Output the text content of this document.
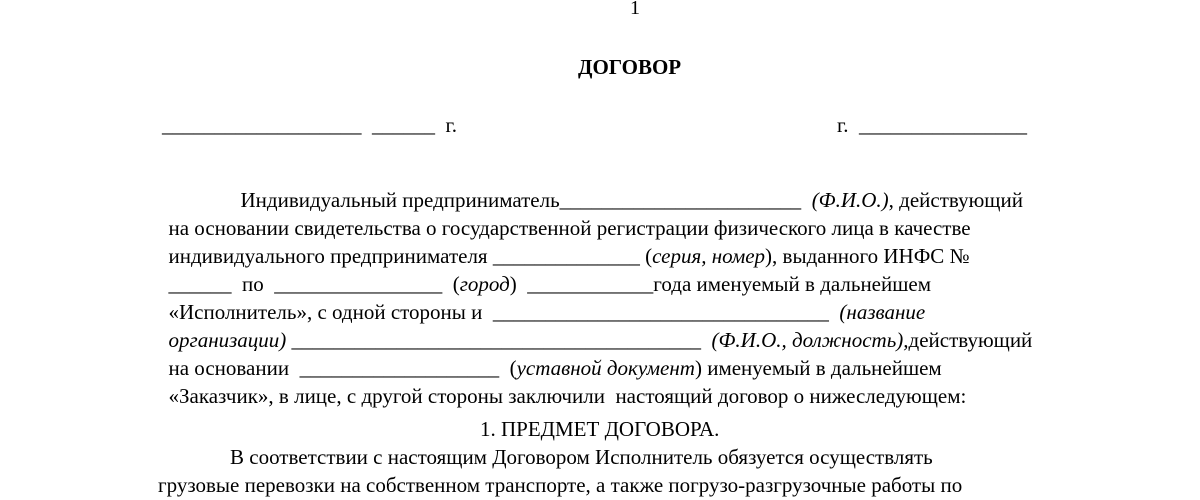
1
ДОГОВОР
___________________  ______  г.	г.  ________________

Индивидуальный предприниматель_______________________  (Ф.И.О.), действующий

на основании свидетельства о государственной регистрации физического лица в качестве

индивидуального предпринимателя ______________ (серия, номер), выданного ИНФС №

______  по  ________________  (город)  ____________года именуемый в дальнейшем

«Исполнитель», с одной стороны и  ________________________________  (название

организации) _______________________________________  (Ф.И.О., должность),действующий

на основании  ___________________  (уставной документ) именуемый в дальнейшем

«Заказчик», в лице, с другой стороны заключили  настоящий договор о нижеследующем:

1. ПРЕДМЕТ ДОГОВОРА.
В соответствии с настоящим Договором Исполнитель обязуется осуществлять
грузовые перевозки на собственном транспорте, а также погрузо-разгрузочные работы по
